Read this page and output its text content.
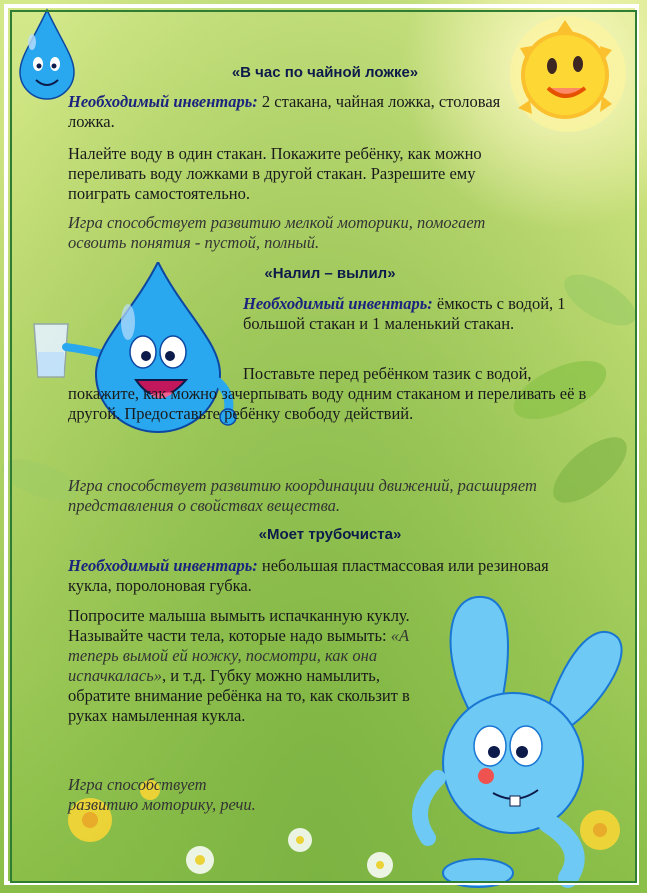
«В час по чайной ложке»

Необходимый инвентарь: 2 стакана, чайная ложка, столовая ложка.

Налейте воду в один стакан. Покажите ребёнку, как можно переливать воду ложками в другой стакан. Разрешите ему поиграть самостоятельно.

Игра способствует развитию мелкой моторики, помогает освоить понятия - пустой, полный.

«Налил – вылил»

Необходимый инвентарь: ёмкость с водой, 1 большой стакан и 1 маленький стакан.

Поставьте перед ребёнком тазик с водой, покажите, как можно зачерпывать воду одним стаканом и переливать её в другой. Предоставьте ребёнку свободу действий.

Игра способствует развитию координации движений, расширяет представления о свойствах вещества.

«Моет трубочиста»

Необходимый инвентарь: небольшая пластмассовая или резиновая кукла, поролоновая губка.

Попросите малыша вымыть испачканную куклу. Называйте части тела, которые надо вымыть: «А теперь вымой ей ножку, посмотри, как она испачкалась», и т.д. Губку можно намылить, обратите внимание ребёнка на то, как скользит в руках намыленная кукла.

Игра способствует развитию моторику, речи.
